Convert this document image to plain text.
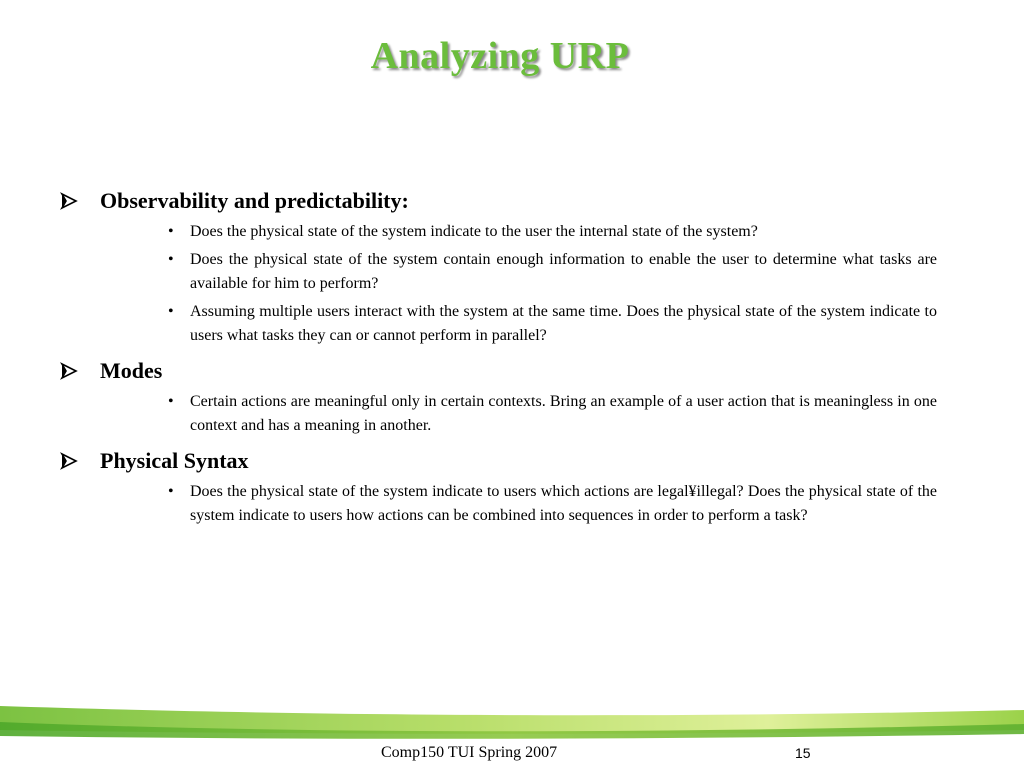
Analyzing URP
Observability and predictability:
• Does the physical state of the system indicate to the user the internal state of the system?
• Does the physical state of the system contain enough information to enable the user to determine what tasks are available for him to perform?
• Assuming multiple users interact with the system at the same time. Does the physical state of the system indicate to users what tasks they can or cannot perform in parallel?
Modes
• Certain actions are meaningful only in certain contexts. Bring an example of a user action that is meaningless in one context and has a meaning in another.
Physical Syntax
• Does the physical state of the system indicate to users which actions are legal¥illegal? Does the physical state of the system indicate to users how actions can be combined into sequences in order to perform a task?
Comp150 TUI Spring 2007	15
